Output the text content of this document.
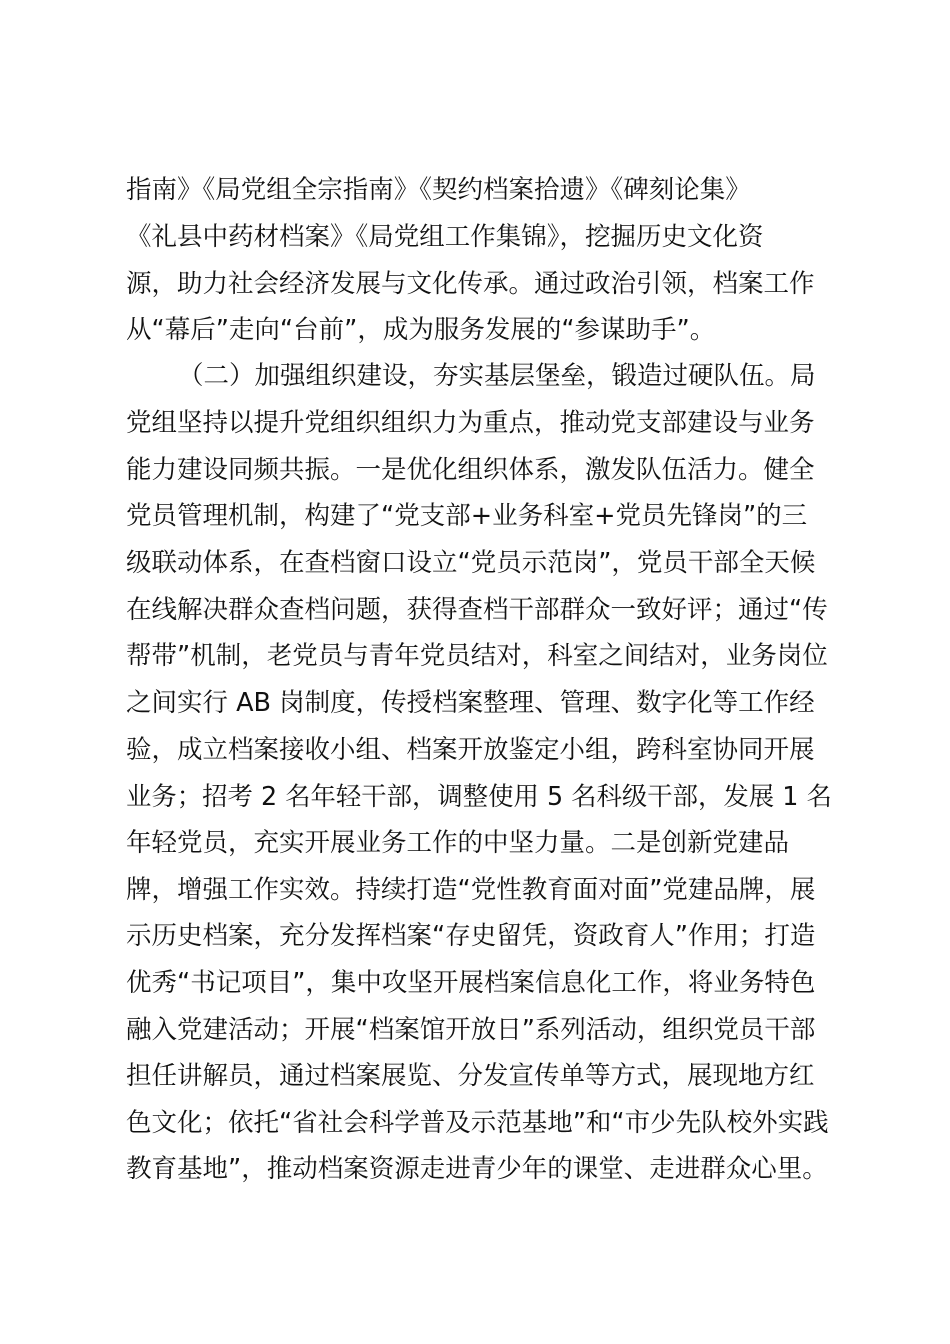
指南》《局党组全宗指南》《契约档案拾遗》《碑刻论集》
《礼县中药材档案》《局党组工作集锦》，挖掘历史文化资
源，助力社会经济发展与文化传承。通过政治引领，档案工作
从“幕后”走向“台前”，成为服务发展的“参谋助手”。
（二）加强组织建设，夯实基层堡垒，锻造过硬队伍。局
党组坚持以提升党组织组织力为重点，推动党支部建设与业务
能力建设同频共振。一是优化组织体系，激发队伍活力。健全
党员管理机制，构建了“党支部+业务科室+党员先锋岗”的三
级联动体系，在查档窗口设立“党员示范岗”，党员干部全天候
在线解决群众查档问题，获得查档干部群众一致好评；通过“传
帮带”机制，老党员与青年党员结对，科室之间结对，业务岗位
之间实行 AB 岗制度，传授档案整理、管理、数字化等工作经
验，成立档案接收小组、档案开放鉴定小组，跨科室协同开展
业务；招考 2 名年轻干部，调整使用 5 名科级干部，发展 1 名
年轻党员，充实开展业务工作的中坚力量。二是创新党建品
牌，增强工作实效。持续打造“党性教育面对面”党建品牌，展
示历史档案，充分发挥档案“存史留凭，资政育人”作用；打造
优秀“书记项目”，集中攻坚开展档案信息化工作，将业务特色
融入党建活动；开展“档案馆开放日”系列活动，组织党员干部
担任讲解员，通过档案展览、分发宣传单等方式，展现地方红
色文化；依托“省社会科学普及示范基地”和“市少先队校外实践
教育基地”，推动档案资源走进青少年的课堂、走进群众心里。
